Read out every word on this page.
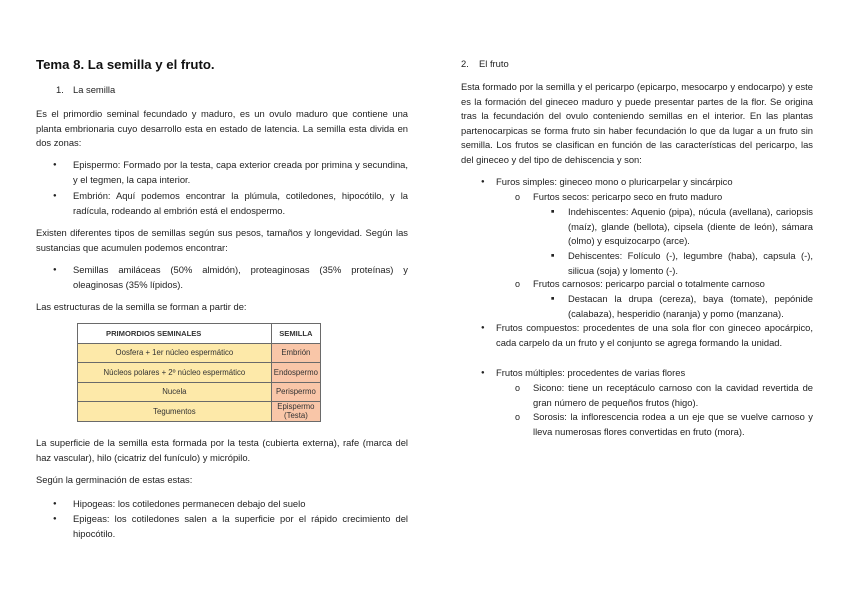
Tema 8. La semilla y el fruto.
1. La semilla

Es el primordio seminal fecundado y maduro, es un ovulo maduro que contiene una planta embrionaria cuyo desarrollo esta en estado de latencia. La semilla esta divida en dos zonas:

● Epispermo: Formado por la testa, capa exterior creada por primina y secundina, y el tegmen, la capa interior.

● Embrión: Aquí podemos encontrar la plúmula, cotiledones, hipocótilo, y la radícula, rodeando al embrión está el endospermo.

Existen diferentes tipos de semillas según sus pesos, tamaños y longevidad. Según las sustancias que acumulen podemos encontrar:

● Semillas amiláceas (50% almidón), proteaginosas (35% proteínas) y oleaginosas (35% lípidos).

Las estructuras de la semilla se forman a partir de:

La superficie de la semilla esta formada por la testa (cubierta externa), rafe (marca del haz vascular), hilo (cicatriz del funículo) y micrópilo.

Según la germinación de estas estas:

● Hipogeas: los cotiledones permanecen debajo del suelo

● Epigeas: los cotiledones salen a la superficie por el rápido crecimiento del hipocótilo.

PRIMORDIOS SEMINALES	SEMILLA
Oosfera + 1er núcleo espermático	Embrión
Núcleos polares + 2º núcleo espermático	Endospermo
Nucela	Perispermo
Tegumentos	Epispermo (Testa)
2. El fruto

Esta formado por la semilla y el pericarpo (epicarpo, mesocarpo y endocarpo) y este es la formación del gineceo maduro y puede presentar partes de la flor. Se origina tras la fecundación del ovulo conteniendo semillas en el interior. En las plantas partenocarpicas se forma fruto sin haber fecundación lo que da lugar a un fruto sin semilla. Los frutos se clasifican en función de las características del pericarpo, las del gineceo y del tipo de dehiscencia y son:

● Furos simples: gineceo mono o pluricarpelar y sincárpico

o Furtos secos: pericarpo seco en fruto maduro

■ Indehiscentes: Aquenio (pipa), núcula (avellana), cariopsis (maíz), glande (bellota), cipsela (diente de león), sámara (olmo) y esquizocarpo (arce).

■ Dehiscentes: Folículo (-), legumbre (haba), capsula (-), silicua (soja) y lomento (-).

o Frutos carnosos: pericarpo parcial o totalmente carnoso

■ Destacan la drupa (cereza), baya (tomate), pepónide (calabaza), hesperidio (naranja) y pomo (manzana).

● Frutos compuestos: procedentes de una sola flor con gineceo apocárpico, cada carpelo da un fruto y el conjunto se agrega formando la unidad.

● Frutos múltiples: procedentes de varias flores

o Sicono: tiene un receptáculo carnoso con la cavidad revertida de gran número de pequeños frutos (higo).

o Sorosis: la inflorescencia rodea a un eje que se vuelve carnoso y lleva numerosas flores convertidas en fruto (mora).
